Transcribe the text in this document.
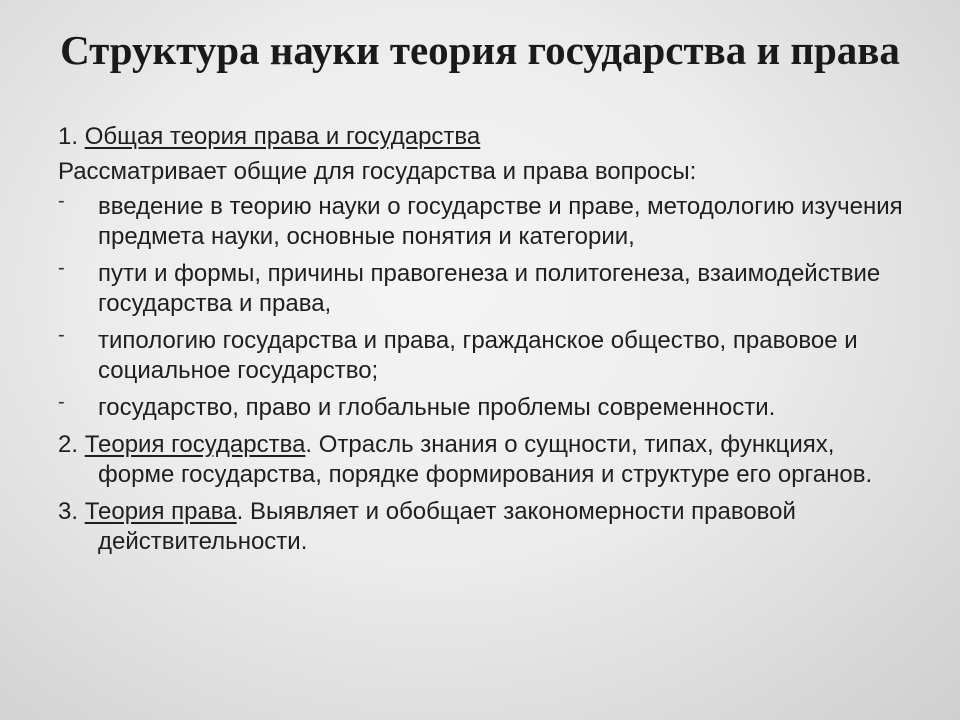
Структура науки теория государства и права

1. Общая теория права и государства

Рассматривает общие для государства и права вопросы:

- введение в теорию науки о государстве и праве, методологию изучения предмета науки, основные понятия и категории,
- пути и формы, причины правогенеза и политогенеза, взаимодействие государства и права,
- типологию государства и права, гражданское общество, правовое и социальное государство;
- государство, право и глобальные проблемы современности.

2. Теория государства. Отрасль знания о сущности, типах, функциях, форме государства, порядке формирования и структуре его органов.

3. Теория права. Выявляет и обобщает закономерности правовой действительности.
